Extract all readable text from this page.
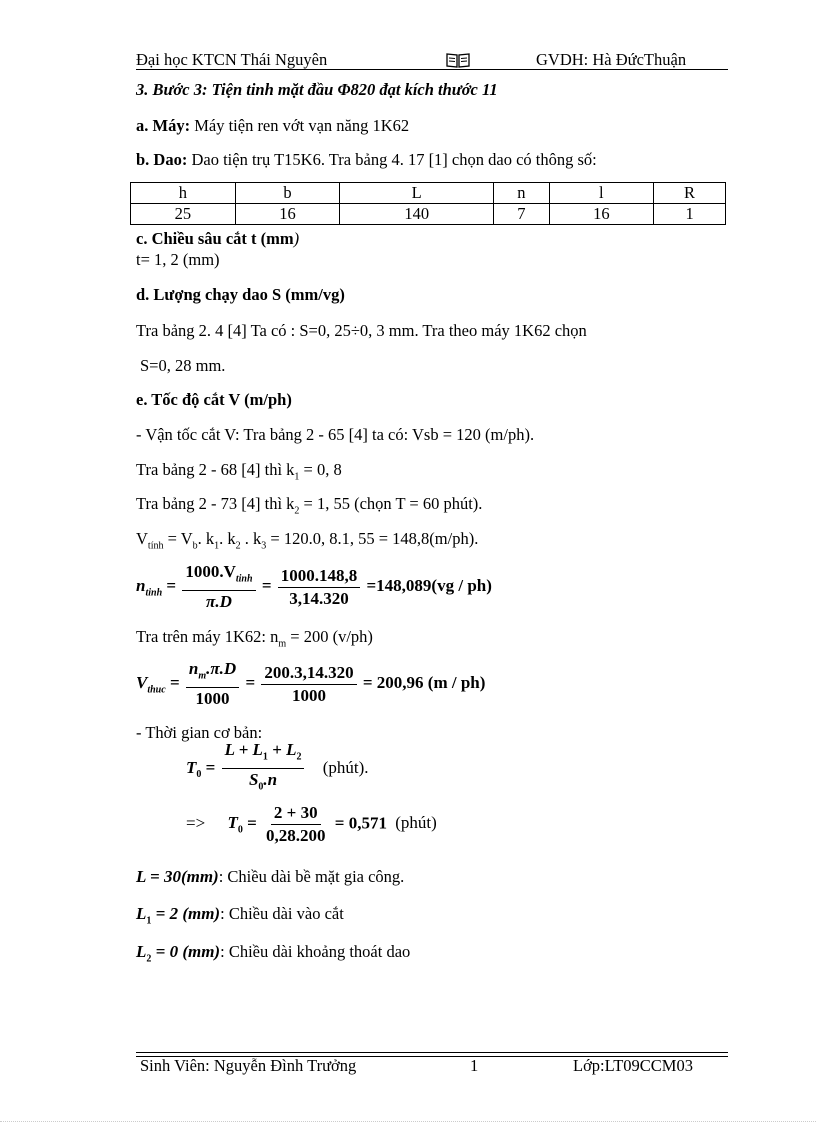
Đại học KTCN Thái Nguyên	GVDH: Hà ĐứcThuận
3. Bước 3: Tiện tinh mặt đầu Φ820 đạt kích thước 11
a. Máy: Máy tiện ren vớt vạn năng 1K62
b. Dao: Dao tiện trụ T15K6. Tra bảng 4. 17 [1] chọn dao có thông số:
h	b	L	n	l	R
25	16	140	7	16	1
c. Chiều sâu cắt t (mm)
t= 1, 2 (mm)
d. Lượng chạy dao S (mm/vg)
Tra bảng 2. 4 [4] Ta có : S=0, 25÷0, 3 mm. Tra theo máy 1K62 chọn
S=0, 28 mm.
e. Tốc độ cắt V (m/ph)
- Vận tốc cắt V: Tra bảng 2 - 65 [4] ta có: Vsb = 120 (m/ph).
Tra bảng 2 - 68 [4] thì $k_1 = 0$, 8
Tra bảng 2 - 73 [4] thì $k_2 = 1$, 55 (chọn T = 60 phút).
$V_{tính} = V_b$. $k_1$. $k_2$ . $k_3 = 120.0$, 8.1, 55 = 148,8(m/ph).
$n_{tinh} = \frac{1000.V_{tinh}}{\pi.D} = \frac{1000.148,8}{3,14.320} =148,089(vg / ph)$
Tra trên máy 1K62: $n_m = 200$ (v/ph)
$V_{thuc} = \frac{n_m.\pi.D}{1000} = \frac{200.3,14.320}{1000} = 200,96$ (m / ph)
- Thời gian cơ bản:
$T_0 = \frac{L + L_1 + L_2}{S_0.n}$ (phút).
=> $T_0 = \frac{2 + 30}{0,28.200} = 0,571$ (phút)
L = 30(mm): Chiều dài bề mặt gia công.
$L_1 = 2$ (mm): Chiều dài vào cắt
$L_2 = 0$ (mm): Chiều dài khoảng thoát dao
Sinh Viên: Nguyễn Đình Trưởng	1	Lớp:LT09CCM03
